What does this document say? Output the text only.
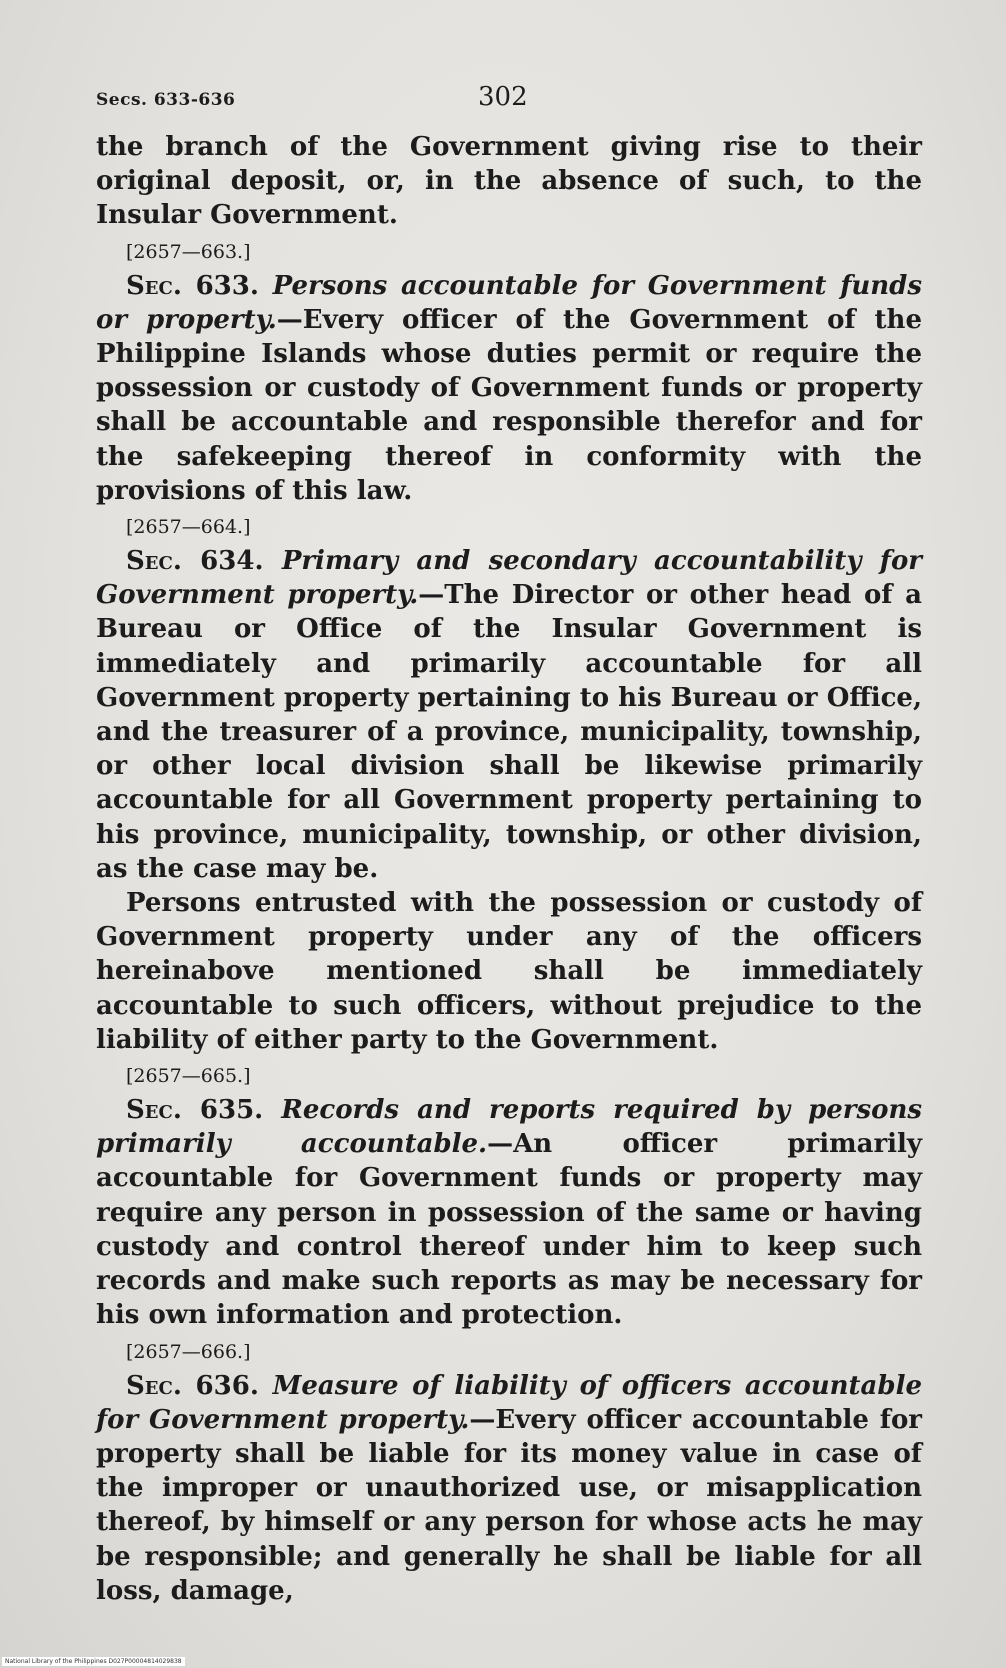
Secs. 633-636	302

the branch of the Government giving rise to their original deposit, or, in the absence of such, to the Insular Government.

[2657—663.]

Sec. 633. Persons accountable for Government funds or property.—Every officer of the Government of the Philippine Islands whose duties permit or require the possession or custody of Government funds or property shall be accountable and responsible therefor and for the safekeeping thereof in conformity with the provisions of this law.

[2657—664.]

Sec. 634. Primary and secondary accountability for Government property.—The Director or other head of a Bureau or Office of the Insular Government is immediately and primarily accountable for all Government property pertaining to his Bureau or Office, and the treasurer of a province, municipality, township, or other local division shall be likewise primarily accountable for all Government property pertaining to his province, municipality, township, or other division, as the case may be.

Persons entrusted with the possession or custody of Government property under any of the officers hereinabove mentioned shall be immediately accountable to such officers, without prejudice to the liability of either party to the Government.

[2657—665.]

Sec. 635. Records and reports required by persons primarily accountable.—An officer primarily accountable for Government funds or property may require any person in possession of the same or having custody and control thereof under him to keep such records and make such reports as may be necessary for his own information and protection.

[2657—666.]

Sec. 636. Measure of liability of officers accountable for Government property.—Every officer accountable for property shall be liable for its money value in case of the improper or unauthorized use, or misapplication thereof, by himself or any person for whose acts he may be responsible; and generally he shall be liable for all loss, damage,

National Library of the Philippines D027P00004814029838
